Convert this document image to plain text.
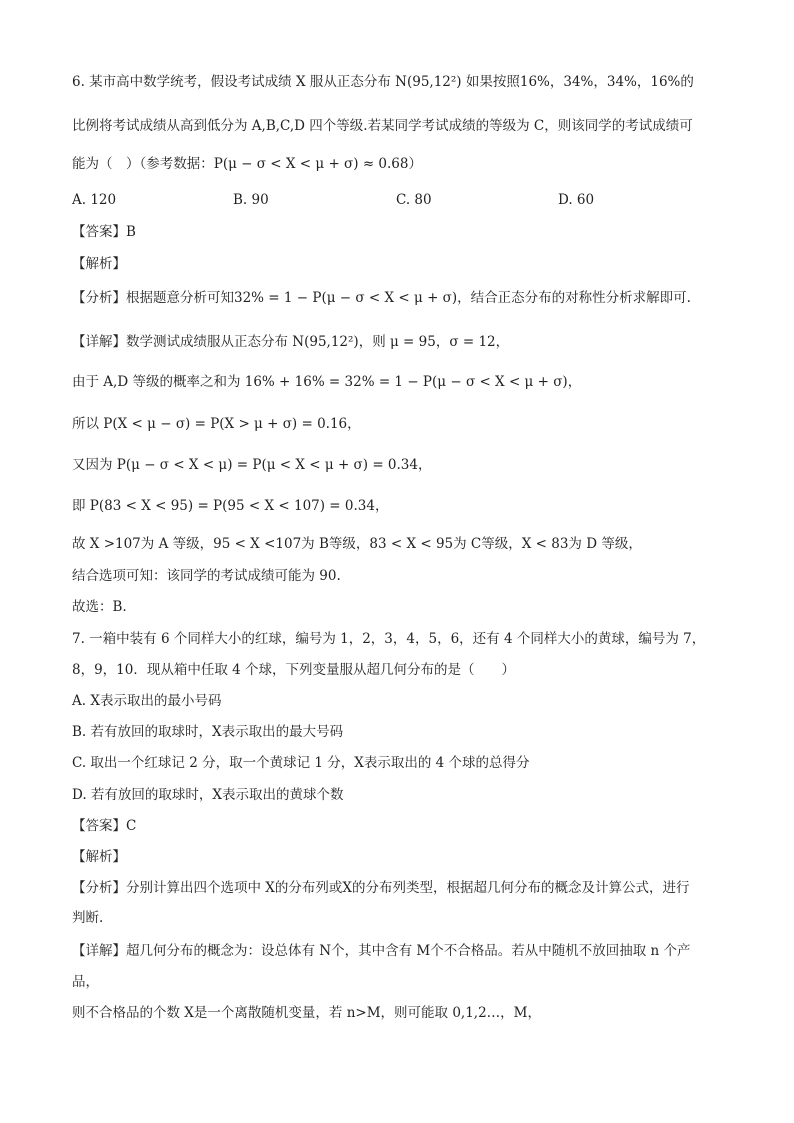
6. 某市高中数学统考，假设考试成绩 X 服从正态分布 N(95,12²) 如果按照16%，34%，34%，16%的
比例将考试成绩从高到低分为 A,B,C,D 四个等级.若某同学考试成绩的等级为 C，则该同学的考试成绩可
能为（　）（参考数据：P(μ − σ < X < μ + σ) ≈ 0.68）
A. 120	B. 90	C. 80	D. 60
【答案】B
【解析】
【分析】根据题意分析可知32% = 1 − P(μ − σ < X < μ + σ)，结合正态分布的对称性分析求解即可.
【详解】数学测试成绩服从正态分布 N(95,12²)，则 μ = 95，σ = 12，
由于 A,D 等级的概率之和为 16% + 16% = 32% = 1 − P(μ − σ < X < μ + σ)，
所以 P(X < μ − σ) = P(X > μ + σ) = 0.16，
又因为 P(μ − σ < X < μ) = P(μ < X < μ + σ) = 0.34，
即 P(83 < X < 95) = P(95 < X < 107) = 0.34，
故 X >107为 A 等级，95 < X <107为 B等级，83 < X < 95为 C等级，X < 83为 D 等级，
结合选项可知：该同学的考试成绩可能为 90.
故选：B.
7. 一箱中装有 6 个同样大小的红球，编号为 1，2，3，4，5，6，还有 4 个同样大小的黄球，编号为 7，
8，9，10．现从箱中任取 4 个球，下列变量服从超几何分布的是（　　）
A. X表示取出的最小号码
B. 若有放回的取球时，X表示取出的最大号码
C. 取出一个红球记 2 分，取一个黄球记 1 分，X表示取出的 4 个球的总得分
D. 若有放回的取球时，X表示取出的黄球个数
【答案】C
【解析】
【分析】分别计算出四个选项中 X的分布列或X的分布列类型，根据超几何分布的概念及计算公式，进行
判断.
【详解】超几何分布的概念为：设总体有 N个，其中含有 M个不合格品。若从中随机不放回抽取 n 个产
品，
则不合格品的个数 X是一个离散随机变量，若 n>M，则可能取 0,1,2…，M，
